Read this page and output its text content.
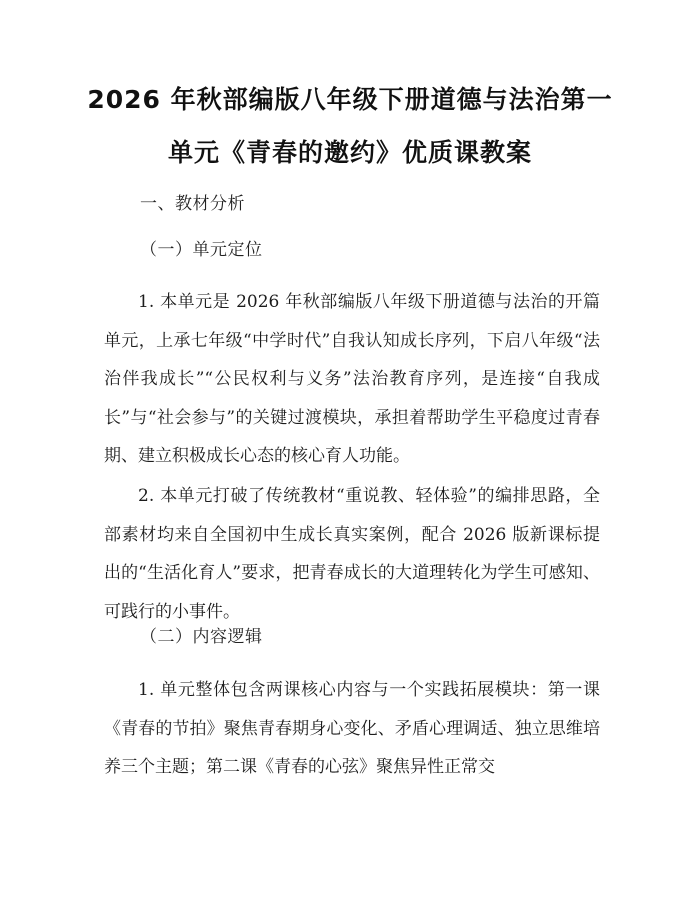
2026 年秋部编版八年级下册道德与法治第一
单元《青春的邀约》优质课教案
一、教材分析
（一）单元定位

1. 本单元是 2026 年秋部编版八年级下册道德与法治的开篇单元，上承七年级“中学时代”自我认知成长序列，下启八年级“法治伴我成长”“公民权利与义务”法治教育序列，是连接“自我成长”与“社会参与”的关键过渡模块，承担着帮助学生平稳度过青春期、建立积极成长心态的核心育人功能。

2. 本单元打破了传统教材“重说教、轻体验”的编排思路，全部素材均来自全国初中生成长真实案例，配合 2026 版新课标提出的“生活化育人”要求，把青春成长的大道理转化为学生可感知、可践行的小事件。

（二）内容逻辑

1. 单元整体包含两课核心内容与一个实践拓展模块：第一课《青春的节拍》聚焦青春期身心变化、矛盾心理调适、独立思维培养三个主题；第二课《青春的心弦》聚焦异性正常交
